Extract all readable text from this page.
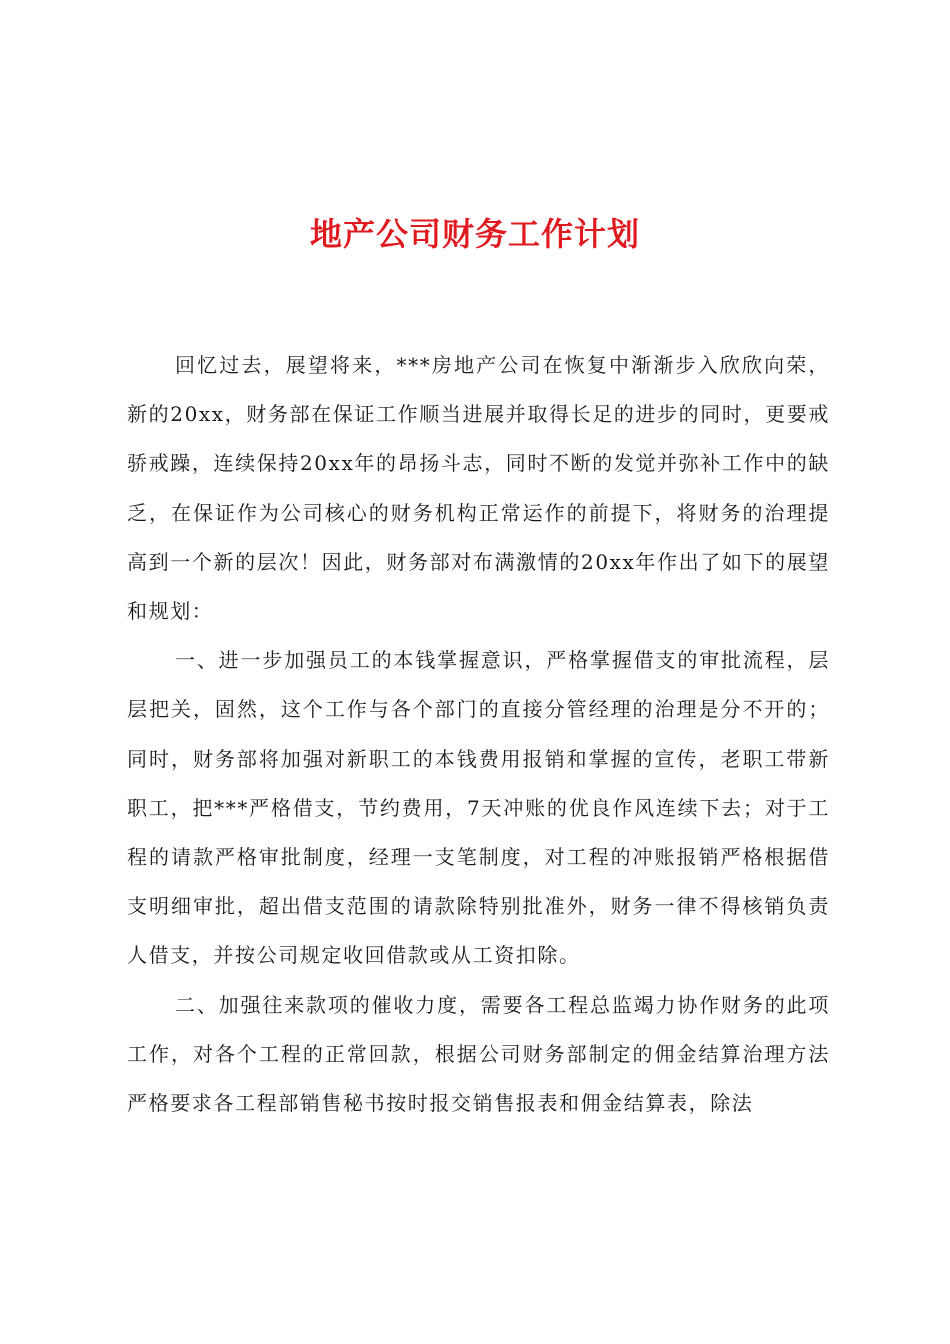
地产公司财务工作计划

回忆过去，展望将来，***房地产公司在恢复中渐渐步入欣欣向荣，新的20xx，财务部在保证工作顺当进展并取得长足的进步的同时，更要戒骄戒躁，连续保持20xx年的昂扬斗志，同时不断的发觉并弥补工作中的缺乏，在保证作为公司核心的财务机构正常运作的前提下，将财务的治理提高到一个新的层次！因此，财务部对布满激情的20xx年作出了如下的展望和规划：

一、进一步加强员工的本钱掌握意识，严格掌握借支的审批流程，层层把关，固然，这个工作与各个部门的直接分管经理的治理是分不开的；同时，财务部将加强对新职工的本钱费用报销和掌握的宣传，老职工带新职工，把***严格借支，节约费用，7天冲账的优良作风连续下去；对于工程的请款严格审批制度，经理一支笔制度，对工程的冲账报销严格根据借支明细审批，超出借支范围的请款除特别批准外，财务一律不得核销负责人借支，并按公司规定收回借款或从工资扣除。

二、加强往来款项的催收力度，需要各工程总监竭力协作财务的此项工作，对各个工程的正常回款，根据公司财务部制定的佣金结算治理方法严格要求各工程部销售秘书按时报交销售报表和佣金结算表，除法
